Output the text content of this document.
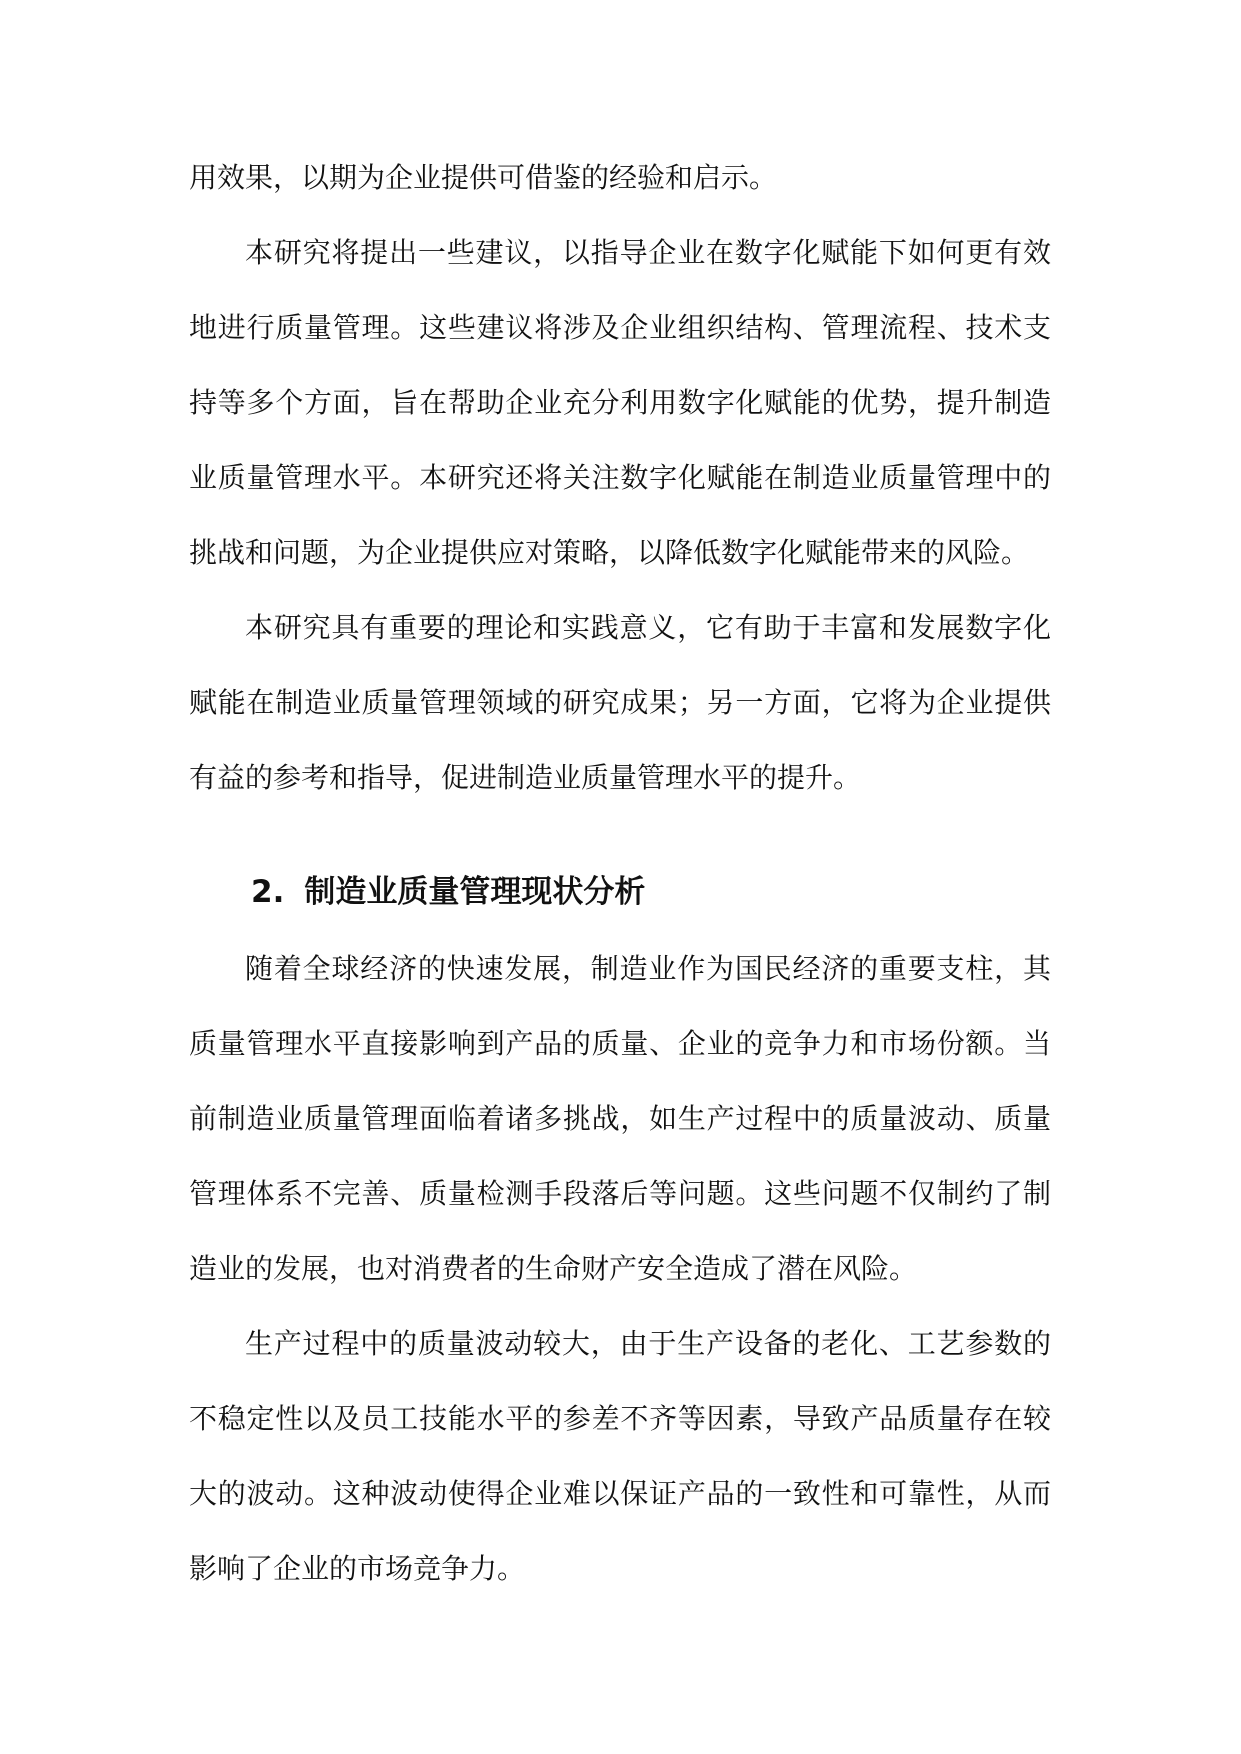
用效果，以期为企业提供可借鉴的经验和启示。

本研究将提出一些建议，以指导企业在数字化赋能下如何更有效地进行质量管理。这些建议将涉及企业组织结构、管理流程、技术支持等多个方面，旨在帮助企业充分利用数字化赋能的优势，提升制造业质量管理水平。本研究还将关注数字化赋能在制造业质量管理中的挑战和问题，为企业提供应对策略，以降低数字化赋能带来的风险。

本研究具有重要的理论和实践意义，它有助于丰富和发展数字化赋能在制造业质量管理领域的研究成果；另一方面，它将为企业提供有益的参考和指导，促进制造业质量管理水平的提升。

2. 制造业质量管理现状分析

随着全球经济的快速发展，制造业作为国民经济的重要支柱，其质量管理水平直接影响到产品的质量、企业的竞争力和市场份额。当前制造业质量管理面临着诸多挑战，如生产过程中的质量波动、质量管理体系不完善、质量检测手段落后等问题。这些问题不仅制约了制造业的发展，也对消费者的生命财产安全造成了潜在风险。

生产过程中的质量波动较大，由于生产设备的老化、工艺参数的不稳定性以及员工技能水平的参差不齐等因素，导致产品质量存在较大的波动。这种波动使得企业难以保证产品的一致性和可靠性，从而影响了企业的市场竞争力。
